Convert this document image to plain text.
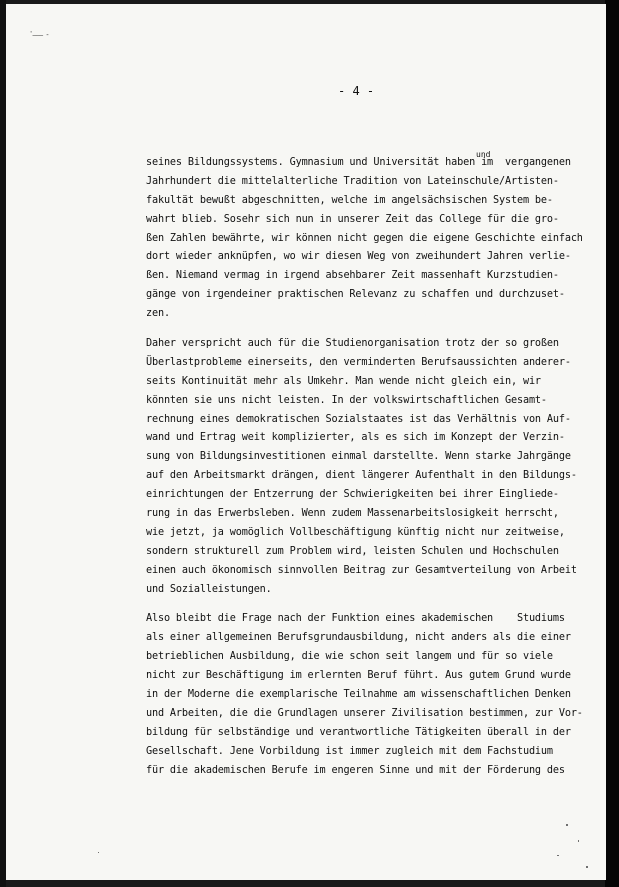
ﾞ‒‒‒ ‑
- 4 -
und
seines Bildungssystems. Gymnasium und Universität haben im  vergangenen
Jahrhundert die mittelalterliche Tradition von Lateinschule/Artisten-
fakultät bewußt abgeschnitten, welche im angelsächsischen System be-
wahrt blieb. Sosehr sich nun in unserer Zeit das College für die gro-
ßen Zahlen bewährte, wir können nicht gegen die eigene Geschichte einfach
dort wieder anknüpfen, wo wir diesen Weg von zweihundert Jahren verlie-
ßen. Niemand vermag in irgend absehbarer Zeit massenhaft Kurzstudien-
gänge von irgendeiner praktischen Relevanz zu schaffen und durchzuset-
zen.
Daher verspricht auch für die Studienorganisation trotz der so großen
Überlastprobleme einerseits, den verminderten Berufsaussichten anderer-
seits Kontinuität mehr als Umkehr. Man wende nicht gleich ein, wir
könnten sie uns nicht leisten. In der volkswirtschaftlichen Gesamt-
rechnung eines demokratischen Sozialstaates ist das Verhältnis von Auf-
wand und Ertrag weit komplizierter, als es sich im Konzept der Verzin-
sung von Bildungsinvestitionen einmal darstellte. Wenn starke Jahrgänge
auf den Arbeitsmarkt drängen, dient längerer Aufenthalt in den Bildungs-
einrichtungen der Entzerrung der Schwierigkeiten bei ihrer Eingliede-
rung in das Erwerbsleben. Wenn zudem Massenarbeitslosigkeit herrscht,
wie jetzt, ja womöglich Vollbeschäftigung künftig nicht nur zeitweise,
sondern strukturell zum Problem wird, leisten Schulen und Hochschulen
einen auch ökonomisch sinnvollen Beitrag zur Gesamtverteilung von Arbeit
und Sozialleistungen.
Also bleibt die Frage nach der Funktion eines akademischen    Studiums
als einer allgemeinen Berufsgrundausbildung, nicht anders als die einer
betrieblichen Ausbildung, die wie schon seit langem und für so viele
nicht zur Beschäftigung im erlernten Beruf führt. Aus gutem Grund wurde
in der Moderne die exemplarische Teilnahme am wissenschaftlichen Denken
und Arbeiten, die die Grundlagen unserer Zivilisation bestimmen, zur Vor-
bildung für selbständige und verantwortliche Tätigkeiten überall in der
Gesellschaft. Jene Vorbildung ist immer zugleich mit dem Fachstudium
für die akademischen Berufe im engeren Sinne und mit der Förderung des
